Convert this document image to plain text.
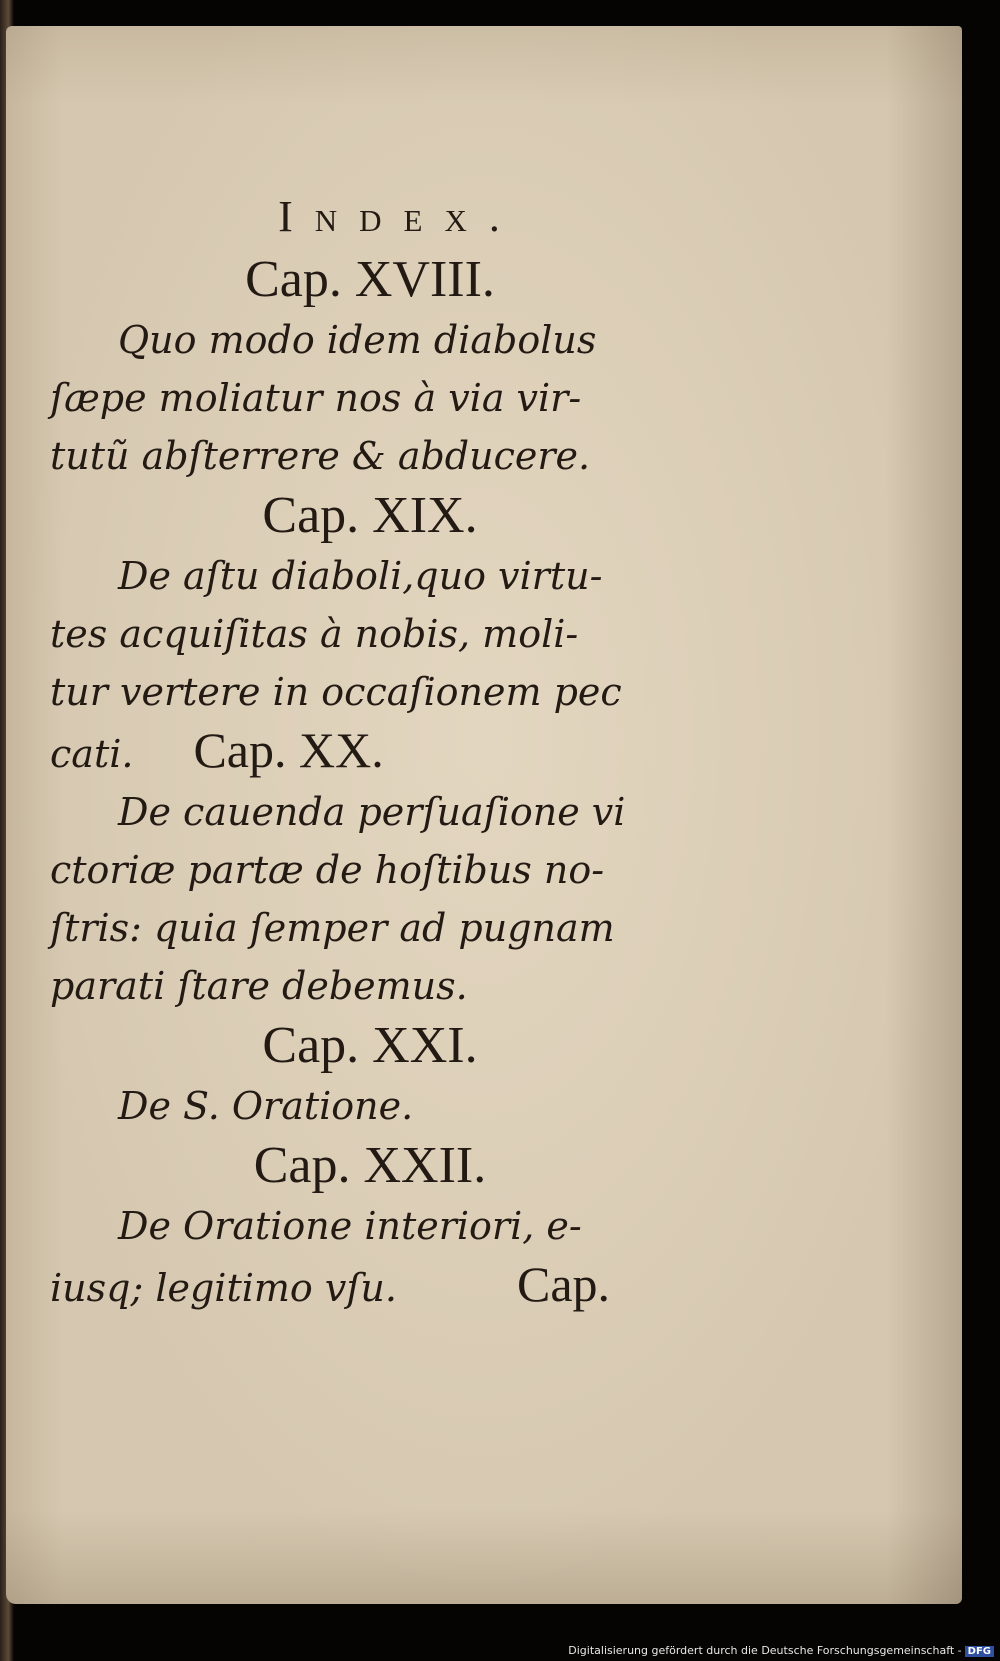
Index.
Cap. XVIII.
Quo modo idem diabolus
ſæpe moliatur nos à via vir-
tutũ abſterrere & abducere.
Cap. XIX.
De aſtu diaboli,quo virtu-
tes acquiſitas à nobis, moli-
tur vertere in occaſionem pec
cati. Cap. XX.
De cauenda perſuaſione vi
ctoriæ partæ de hoſtibus no-
ſtris: quia ſemper ad pugnam
parati ſtare debemus.
Cap. XXI.
De S. Oratione.
Cap. XXII.
De Oratione interiori, e-
iusq; legitimo vſu. Cap.
Digitalisierung gefördert durch die Deutsche Forschungsgemeinschaft - DFG
